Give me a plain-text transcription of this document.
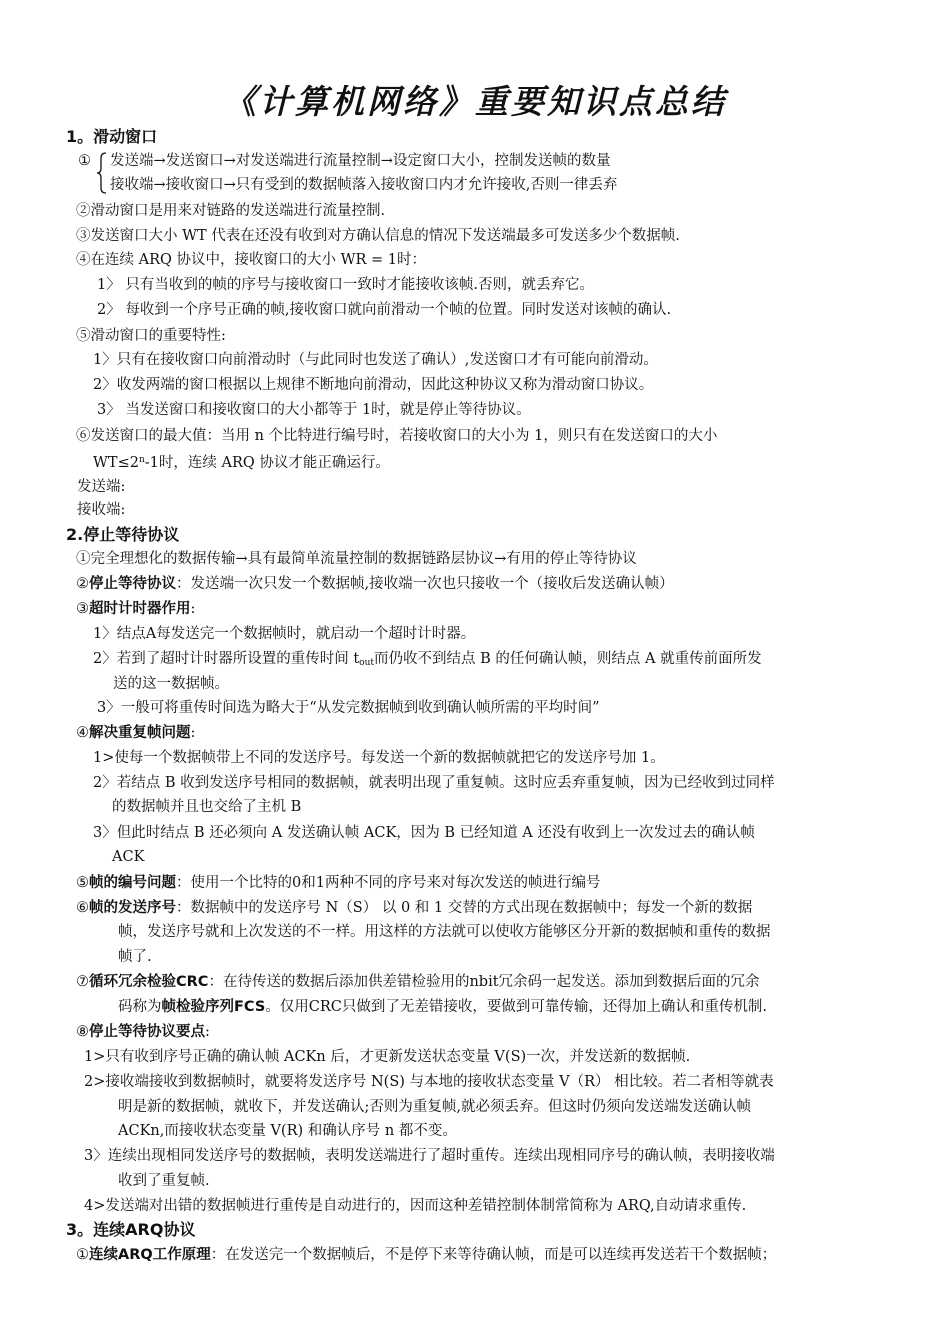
《计算机网络》重要知识点总结
1。滑动窗口
① 发送端→发送窗口→对发送端进行流量控制→设定窗口大小，控制发送帧的数量
接收端→接收窗口→只有受到的数据帧落入接收窗口内才允许接收,否则一律丢弃
②滑动窗口是用来对链路的发送端进行流量控制.
③发送窗口大小 WT 代表在还没有收到对方确认信息的情况下发送端最多可发送多少个数据帧.
④在连续 ARQ 协议中，接收窗口的大小 WR = 1时：
1〉 只有当收到的帧的序号与接收窗口一致时才能接收该帧.否则，就丢弃它。
2〉 每收到一个序号正确的帧,接收窗口就向前滑动一个帧的位置。同时发送对该帧的确认.
⑤滑动窗口的重要特性:
1〉只有在接收窗口向前滑动时（与此同时也发送了确认）,发送窗口才有可能向前滑动。
2〉收发两端的窗口根据以上规律不断地向前滑动，因此这种协议又称为滑动窗口协议。
3〉 当发送窗口和接收窗口的大小都等于 1时，就是停止等待协议。
⑥发送窗口的最大值：当用 n 个比特进行编号时，若接收窗口的大小为 1，则只有在发送窗口的大小
$WT\le 2^n-1$时，连续 ARQ 协议才能正确运行。
发送端:
接收端:
2.停止等待协议
①完全理想化的数据传输→具有最简单流量控制的数据链路层协议→有用的停止等待协议
②停止等待协议：发送端一次只发一个数据帧,接收端一次也只接收一个（接收后发送确认帧）
③超时计时器作用:
1〉结点A每发送完一个数据帧时，就启动一个超时计时器。
2〉若到了超时计时器所设置的重传时间 $t_{out}$而仍收不到结点 B 的任何确认帧，则结点 A 就重传前面所发
送的这一数据帧。
3〉一般可将重传时间选为略大于“从发完数据帧到收到确认帧所需的平均时间”
④解决重复帧问题:
1>使每一个数据帧带上不同的发送序号。每发送一个新的数据帧就把它的发送序号加 1。
2〉若结点 B 收到发送序号相同的数据帧，就表明出现了重复帧。这时应丢弃重复帧，因为已经收到过同样
的数据帧并且也交给了主机 B
3〉但此时结点 B 还必须向 A 发送确认帧 ACK，因为 B 已经知道 A 还没有收到上一次发过去的确认帧
ACK
⑤帧的编号问题：使用一个比特的0和1两种不同的序号来对每次发送的帧进行编号
⑥帧的发送序号：数据帧中的发送序号 N（S） 以 0 和 1 交替的方式出现在数据帧中；每发一个新的数据
帧，发送序号就和上次发送的不一样。用这样的方法就可以使收方能够区分开新的数据帧和重传的数据
帧了.
⑦循环冗余检验CRC：在待传送的数据后添加供差错检验用的nbit冗余码一起发送。添加到数据后面的冗余
码称为帧检验序列FCS。仅用CRC只做到了无差错接收，要做到可靠传输，还得加上确认和重传机制.
⑧停止等待协议要点:
1>只有收到序号正确的确认帧 ACKn 后，才更新发送状态变量 V(S)一次，并发送新的数据帧.
2>接收端接收到数据帧时，就要将发送序号 N(S) 与本地的接收状态变量 V（R） 相比较。若二者相等就表
明是新的数据帧，就收下，并发送确认;否则为重复帧,就必须丢弃。但这时仍须向发送端发送确认帧
ACKn,而接收状态变量 V(R) 和确认序号 n 都不变。
3〉连续出现相同发送序号的数据帧，表明发送端进行了超时重传。连续出现相同序号的确认帧，表明接收端
收到了重复帧.
4>发送端对出错的数据帧进行重传是自动进行的，因而这种差错控制体制常简称为 ARQ,自动请求重传.
3。连续ARQ协议
①连续ARQ工作原理：在发送完一个数据帧后，不是停下来等待确认帧，而是可以连续再发送若干个数据帧；
